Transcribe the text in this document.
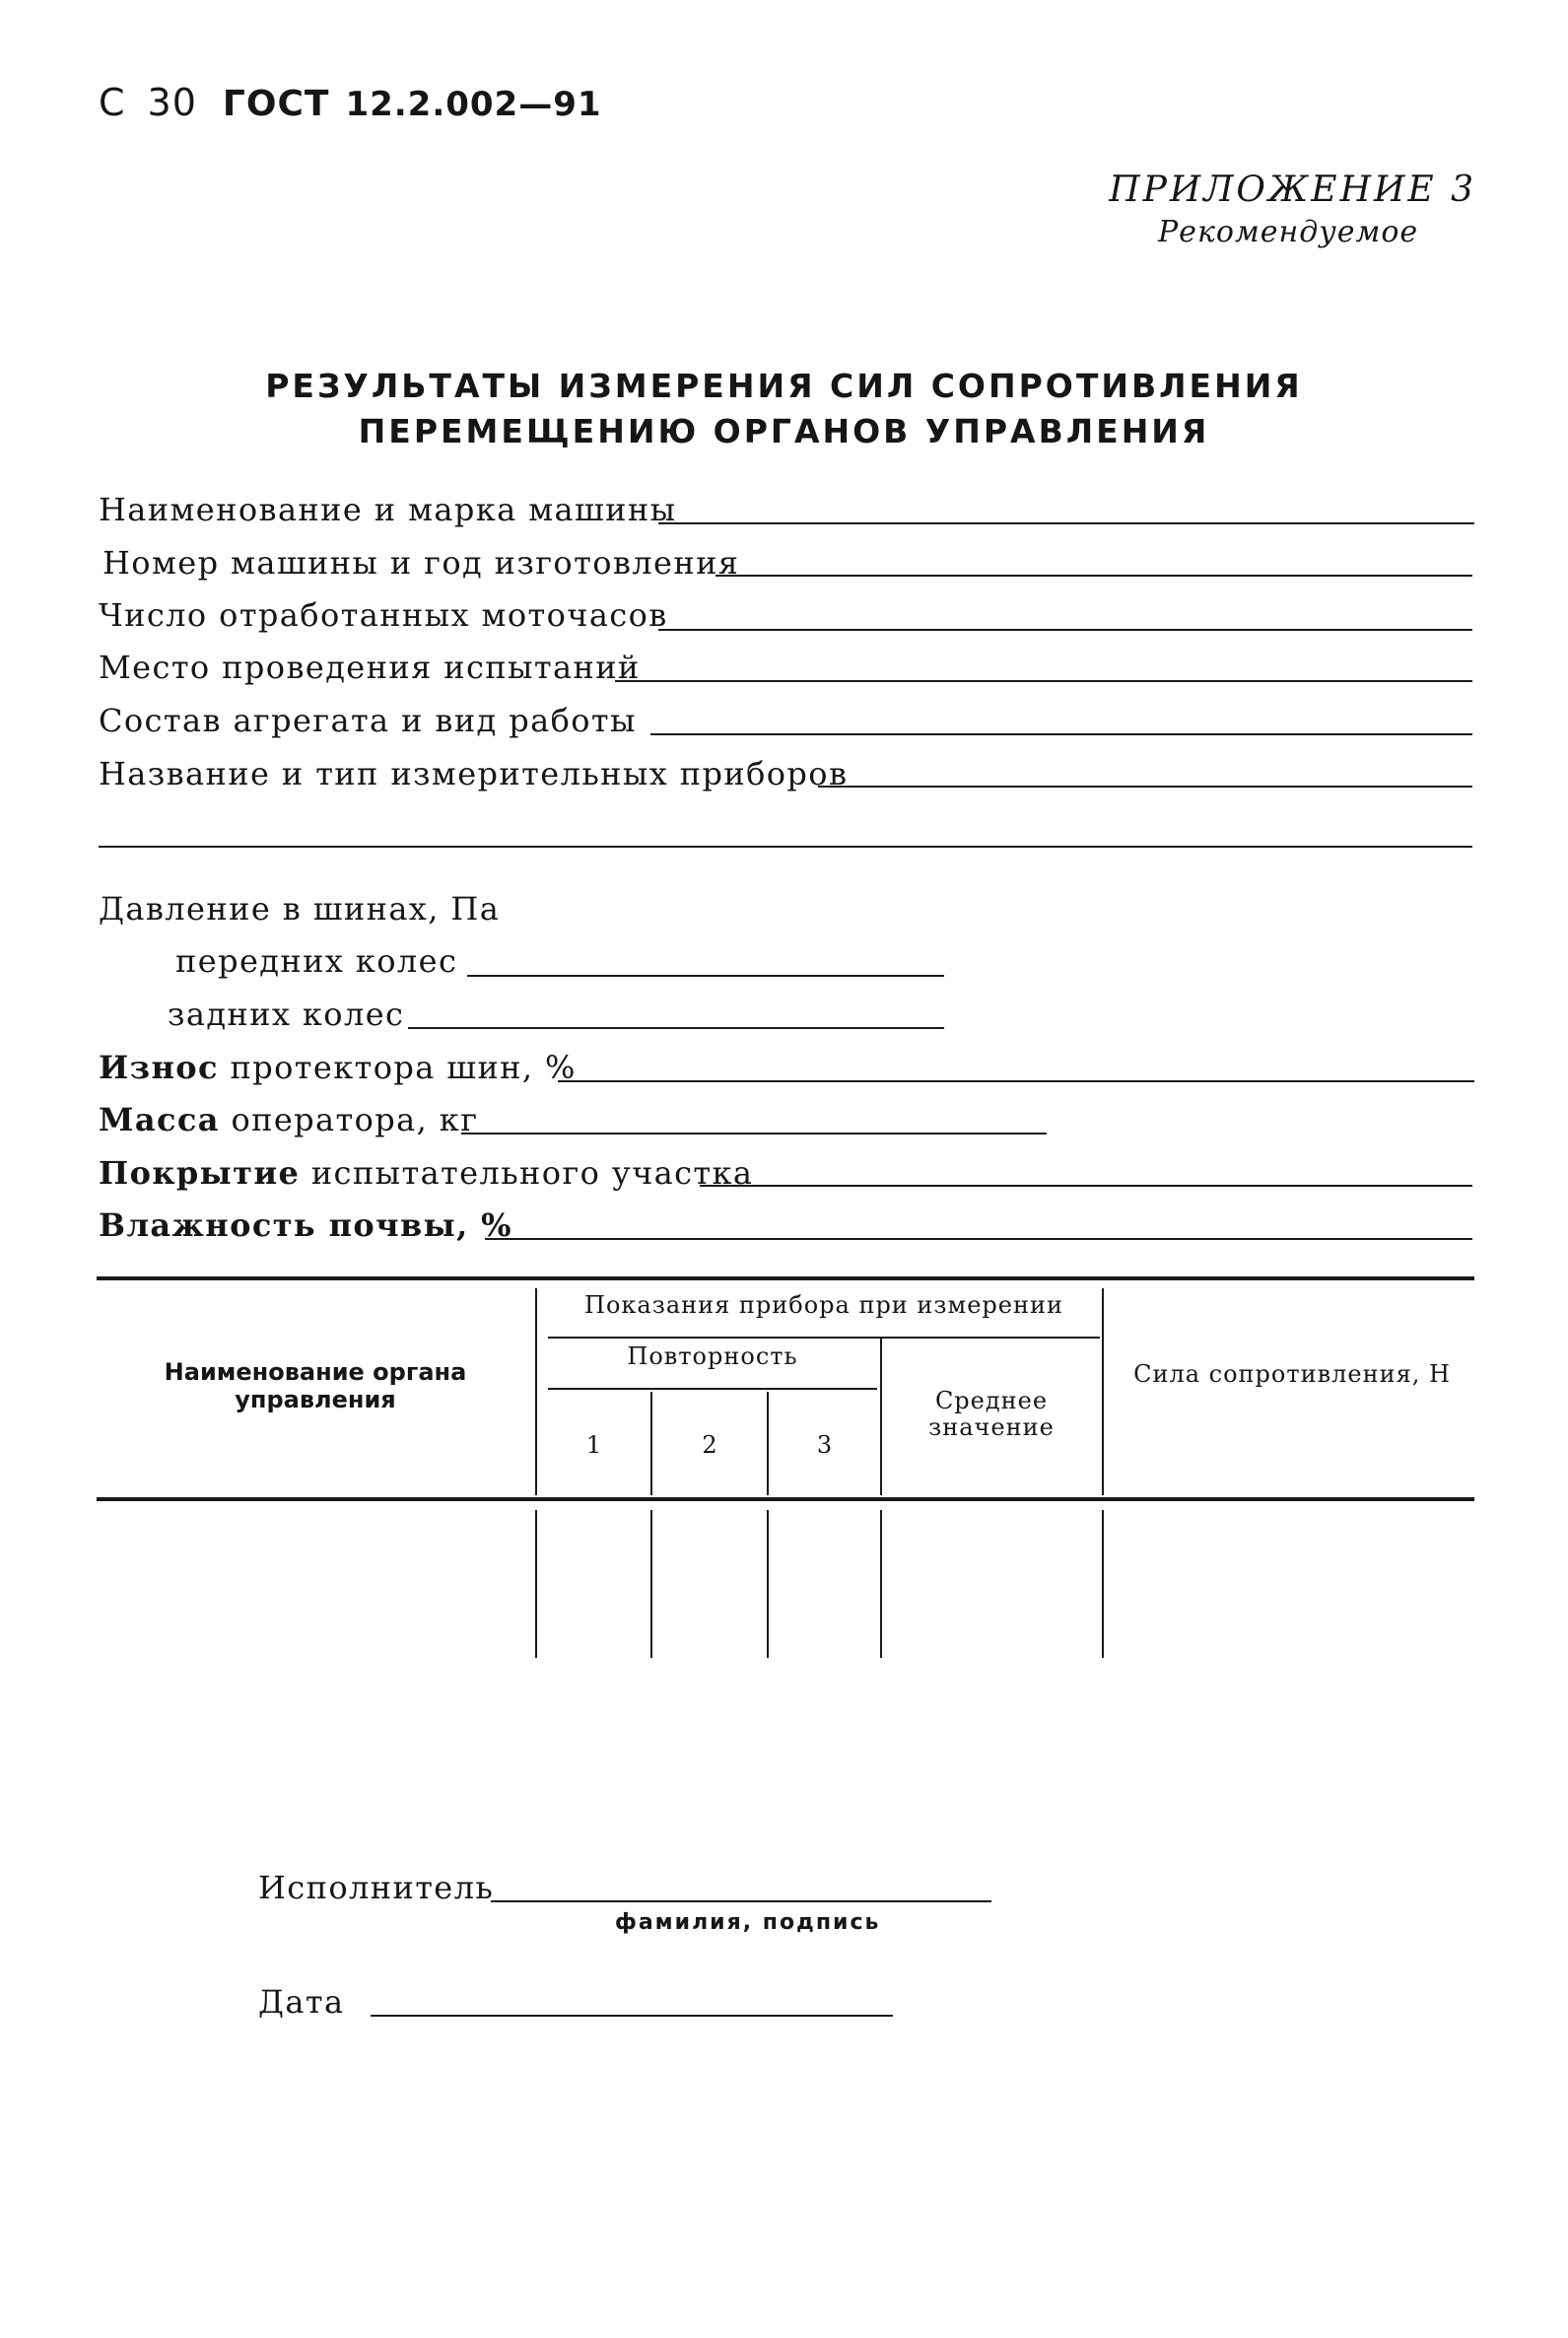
С 30 ГОСТ 12.2.002—91
ПРИЛОЖЕНИЕ 3
Рекомендуемое
РЕЗУЛЬТАТЫ ИЗМЕРЕНИЯ СИЛ СОПРОТИВЛЕНИЯ
ПЕРЕМЕЩЕНИЮ ОРГАНОВ УПРАВЛЕНИЯ
Наименование и марка машины
Номер машины и год изготовления
Число отработанных моточасов
Место проведения испытаний
Состав агрегата и вид работы
Название и тип измерительных приборов
Давление в шинах, Па
передних колес
задних колес
Износ протектора шин, %
Масса оператора, кг
Покрытие испытательного участка
Влажность почвы, %
Наименование органа управления
Показания прибора при измерении
Повторность
1	2	3
Среднее значение
Сила сопротивления, Н
Исполнитель
фамилия, подпись
Дата
